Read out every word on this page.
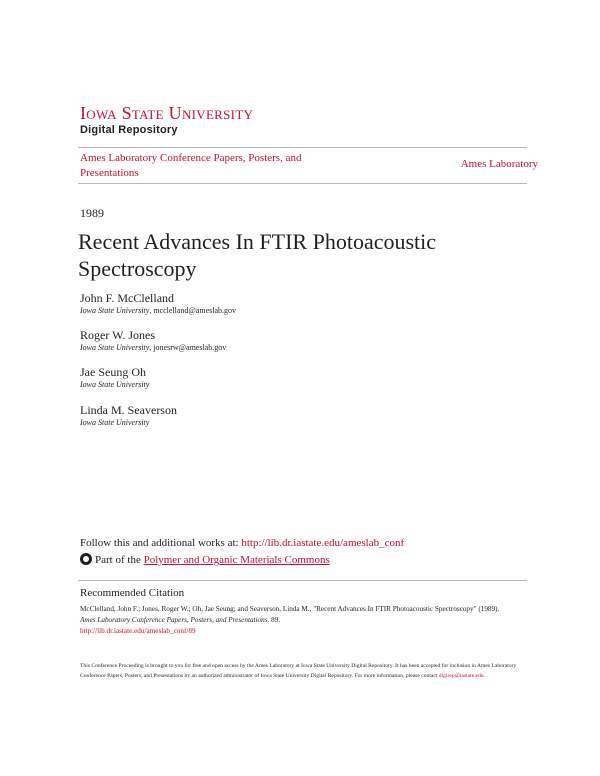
Iowa State University
Digital Repository
Ames Laboratory Conference Papers, Posters, and Presentations
Ames Laboratory
1989
Recent Advances In FTIR Photoacoustic Spectroscopy
John F. McClelland
Iowa State University, mcclelland@ameslab.gov
Roger W. Jones
Iowa State University, jonesrw@ameslab.gov
Jae Seung Oh
Iowa State University
Linda M. Seaverson
Iowa State University
Follow this and additional works at: http://lib.dr.iastate.edu/ameslab_conf
Part of the Polymer and Organic Materials Commons
Recommended Citation
McClelland, John F.; Jones, Roger W.; Oh, Jae Seung; and Seaverson, Linda M., "Recent Advances In FTIR Photoacoustic Spectroscopy" (1989). Ames Laboratory Conference Papers, Posters, and Presentations. 89.
http://lib.dr.iastate.edu/ameslab_conf/89
This Conference Proceeding is brought to you for free and open access by the Ames Laboratory at Iowa State University Digital Repository. It has been accepted for inclusion in Ames Laboratory Conference Papers, Posters, and Presentations by an authorized administrator of Iowa State University Digital Repository. For more information, please contact digirep@iastate.edu.
